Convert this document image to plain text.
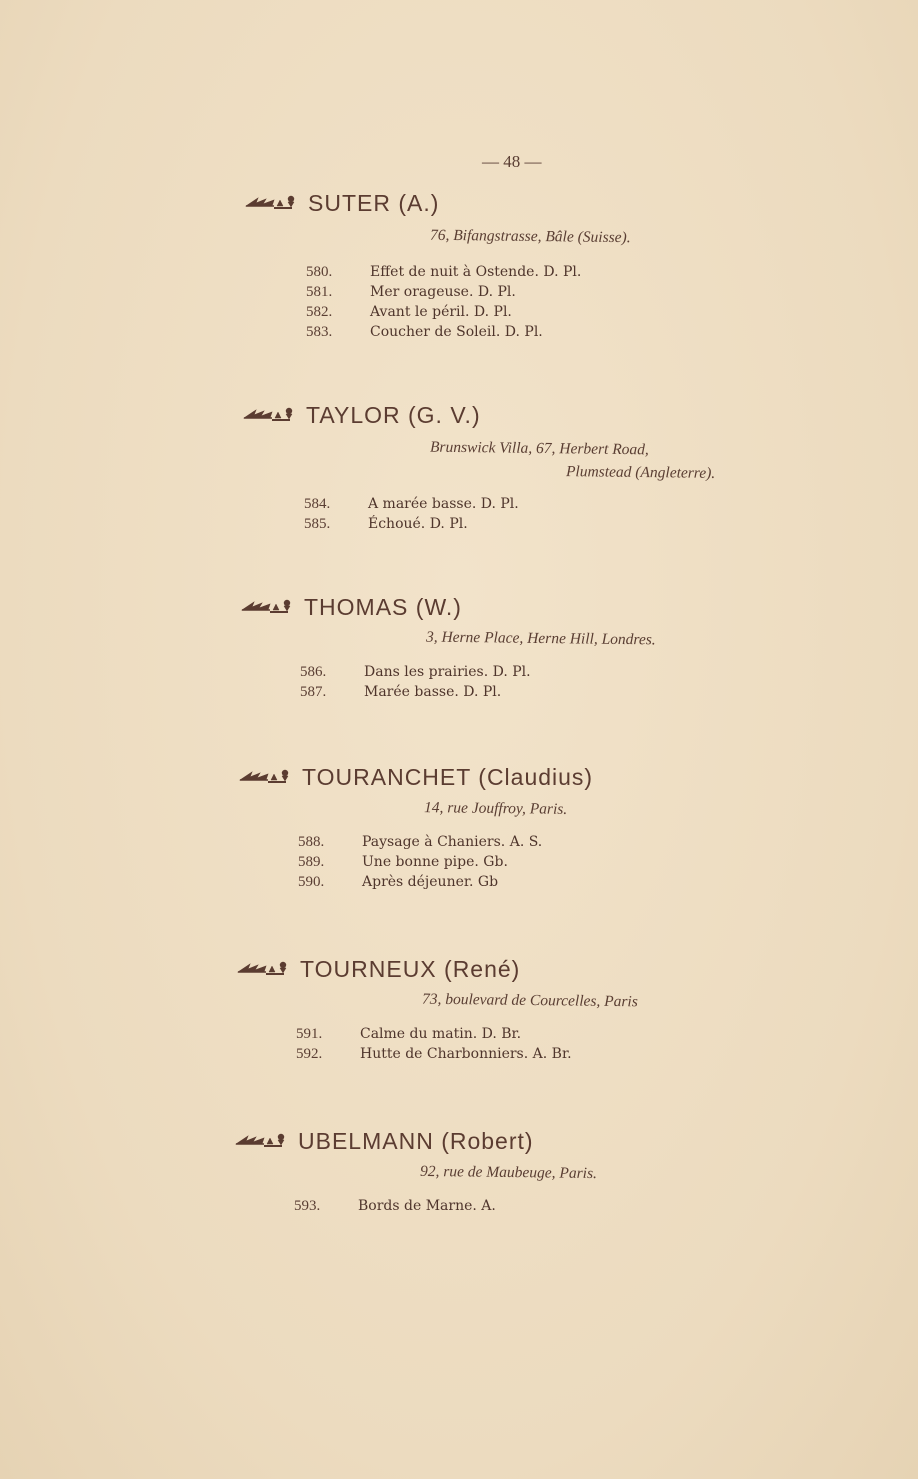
— 48 —
SUTER (A.)
76, Bifangstrasse, Bâle (Suisse).
580.	Effet de nuit à Ostende. D. Pl.
581.	Mer orageuse. D. Pl.
582.	Avant le péril. D. Pl.
583.	Coucher de Soleil. D. Pl.
TAYLOR (G. V.)
Brunswick Villa, 67, Herbert Road,
Plumstead (Angleterre).
584.	A marée basse. D. Pl.
585.	Échoué. D. Pl.
THOMAS (W.)
3, Herne Place, Herne Hill, Londres.
586.	Dans les prairies. D. Pl.
587.	Marée basse. D. Pl.
TOURANCHET (Claudius)
14, rue Jouffroy, Paris.
588.	Paysage à Chaniers. A. S.
589.	Une bonne pipe. Gb.
590.	Après déjeuner. Gb
TOURNEUX (René)
73, boulevard de Courcelles, Paris
591.	Calme du matin. D. Br.
592.	Hutte de Charbonniers. A. Br.
UBELMANN (Robert)
92, rue de Maubeuge, Paris.
593.	Bords de Marne. A.
